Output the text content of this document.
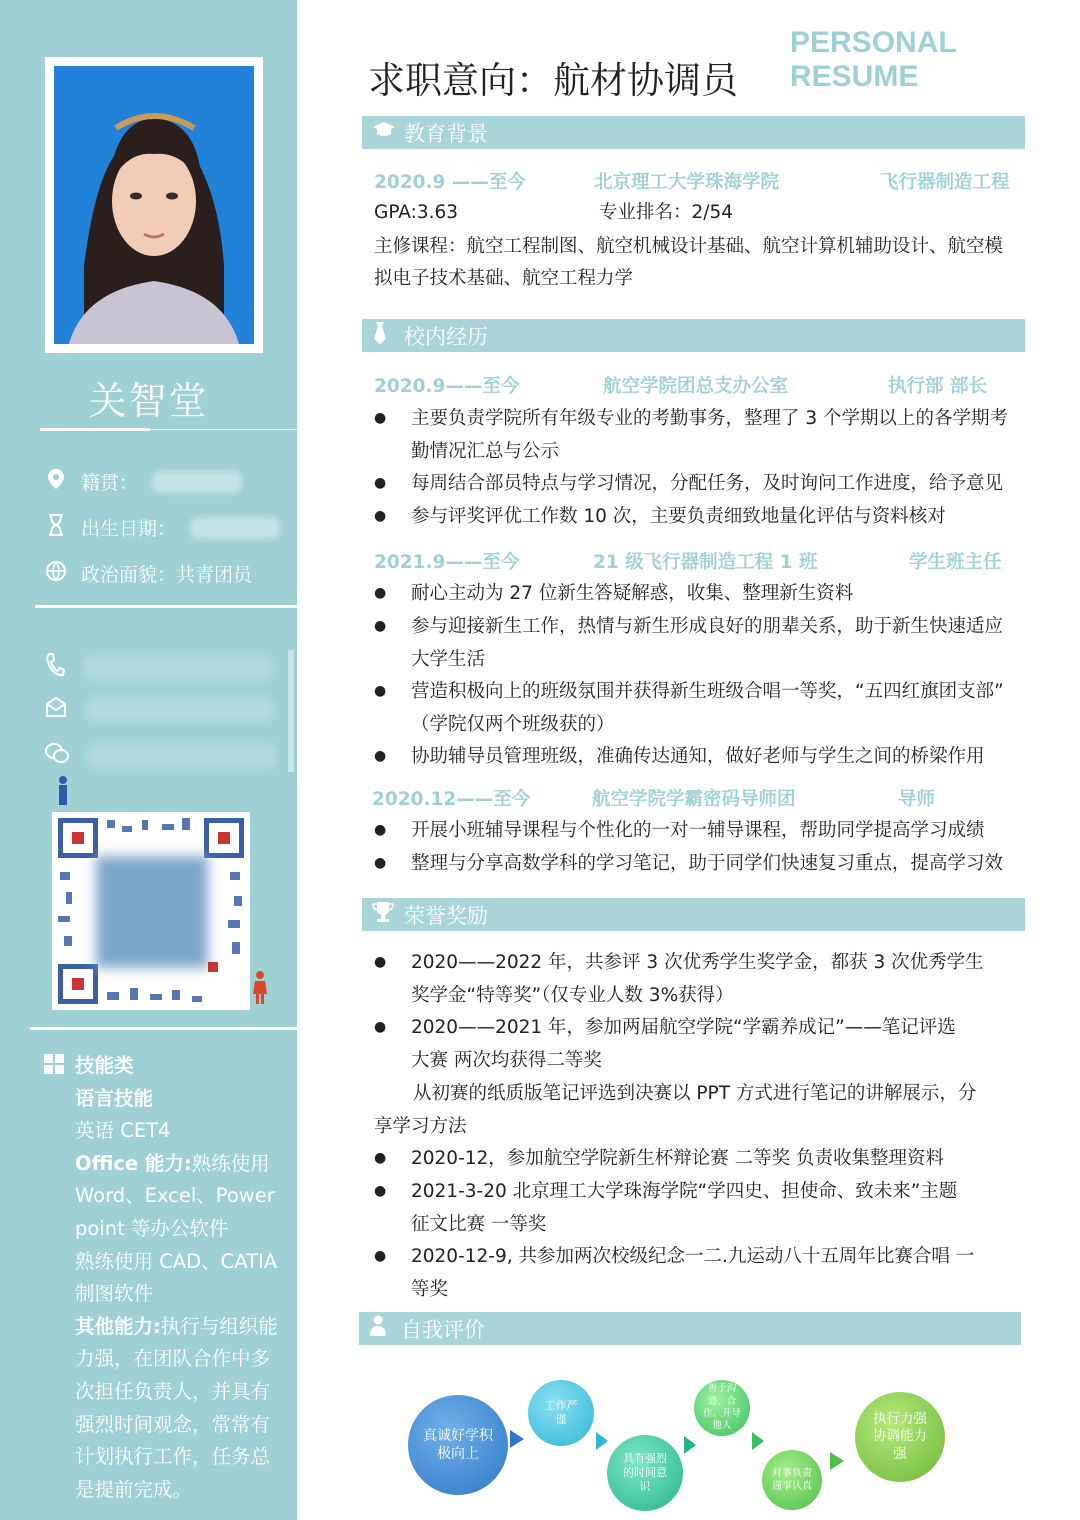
关智堂
籍贯：
出生日期：
政治面貌：共青团员
技能类
语言技能
英语 CET4
Office 能力:熟练使用 Word、Excel、Power point 等办公软件
熟练使用 CAD、CATIA 制图软件
其他能力:执行与组织能力强，在团队合作中多次担任负责人，并具有强烈时间观念，常常有计划执行工作，任务总是提前完成。
PERSONAL RESUME
求职意向：航材协调员
教育背景
2020.9 ——至今	北京理工大学珠海学院	飞行器制造工程
GPA:3.63	专业排名：2/54
主修课程：航空工程制图、航空机械设计基础、航空计算机辅助设计、航空模
拟电子技术基础、航空工程力学
校内经历
2020.9——至今	航空学院团总支办公室	执行部 部长
●	主要负责学院所有年级专业的考勤事务，整理了 3 个学期以上的各学期考
勤情况汇总与公示
●	每周结合部员特点与学习情况，分配任务，及时询问工作进度，给予意见
●	参与评奖评优工作数 10 次，主要负责细致地量化评估与资料核对
2021.9——至今	21 级飞行器制造工程 1 班	学生班主任
●	耐心主动为 27 位新生答疑解惑，收集、整理新生资料
●	参与迎接新生工作，热情与新生形成良好的朋辈关系，助于新生快速适应
大学生活
●	营造积极向上的班级氛围并获得新生班级合唱一等奖，“五四红旗团支部”
（学院仅两个班级获的）
●	协助辅导员管理班级，准确传达通知，做好老师与学生之间的桥梁作用
2020.12——至今	航空学院学霸密码导师团	导师
●	开展小班辅导课程与个性化的一对一辅导课程，帮助同学提高学习成绩
●	整理与分享高数学科的学习笔记，助于同学们快速复习重点，提高学习效
荣誉奖励
●	2020——2022 年，共参评 3 次优秀学生奖学金，都获 3 次优秀学生
奖学金“特等奖”（仅专业人数 3%获得）
●	2020——2021 年，参加两届航空学院“学霸养成记”——笔记评选
大赛 两次均获得二等奖
从初赛的纸质版笔记评选到决赛以 PPT 方式进行笔记的讲解展示，分
享学习方法
●	2020-12，参加航空学院新生杯辩论赛 二等奖 负责收集整理资料
●	2021-3-20 北京理工大学珠海学院“学四史、担使命、致未来”主题
征文比赛 一等奖
●	2020-12-9, 共参加两次校级纪念一二.九运动八十五周年比赛合唱 一
等奖
自我评价
真诚好学积极向上
工作严谨
具有强烈的时间意识
善于沟通、合作、开导他人
对事负责谨事认真
执行力强协调能力强
